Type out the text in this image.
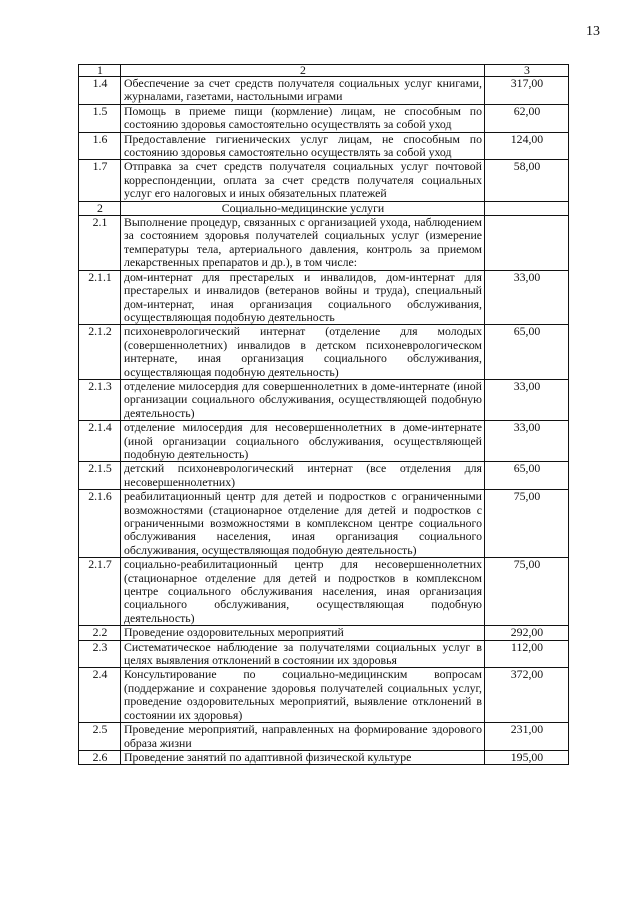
13
1	2	3
1.4	Обеспечение за счет средств получателя социальных услуг книгами, журналами, газетами, настольными играми	317,00
1.5	Помощь в приеме пищи (кормление) лицам, не способным по состоянию здоровья самостоятельно осуществлять за собой уход	62,00
1.6	Предоставление гигиенических услуг лицам, не способным по состоянию здоровья самостоятельно осуществлять за собой уход	124,00
1.7	Отправка за счет средств получателя социальных услуг почтовой корреспонденции, оплата за счет средств получателя социальных услуг его налоговых и иных обязательных платежей	58,00
2	Социально-медицинские услуги	
2.1	Выполнение процедур, связанных с организацией ухода, наблюдением за состоянием здоровья получателей социальных услуг (измерение температуры тела, артериального давления, контроль за приемом лекарственных препаратов и др.), в том числе:	
2.1.1	дом-интернат для престарелых и инвалидов, дом-интернат для престарелых и инвалидов (ветеранов войны и труда), специальный дом-интернат, иная организация социального обслуживания, осуществляющая подобную деятельность	33,00
2.1.2	психоневрологический интернат (отделение для молодых (совершеннолетних) инвалидов в детском психоневрологическом интернате, иная организация социального обслуживания, осуществляющая подобную деятельность)	65,00
2.1.3	отделение милосердия для совершеннолетних в доме-интернате (иной организации социального обслуживания, осуществляющей подобную деятельность)	33,00
2.1.4	отделение милосердия для несовершеннолетних в доме-интернате (иной организации социального обслуживания, осуществляющей подобную деятельность)	33,00
2.1.5	детский психоневрологический интернат (все отделения для несовершеннолетних)	65,00
2.1.6	реабилитационный центр для детей и подростков с ограниченными возможностями (стационарное отделение для детей и подростков с ограниченными возможностями в комплексном центре социального обслуживания населения, иная организация социального обслуживания, осуществляющая подобную деятельность)	75,00
2.1.7	социально-реабилитационный центр для несовершеннолетних (стационарное отделение для детей и подростков в комплексном центре социального обслуживания населения, иная организация социального обслуживания, осуществляющая подобную деятельность)	75,00
2.2	Проведение оздоровительных мероприятий	292,00
2.3	Систематическое наблюдение за получателями социальных услуг в целях выявления отклонений в состоянии их здоровья	112,00
2.4	Консультирование по социально-медицинским вопросам (поддержание и сохранение здоровья получателей социальных услуг, проведение оздоровительных мероприятий, выявление отклонений в состоянии их здоровья)	372,00
2.5	Проведение мероприятий, направленных на формирование здорового образа жизни	231,00
2.6	Проведение занятий по адаптивной физической культуре	195,00
